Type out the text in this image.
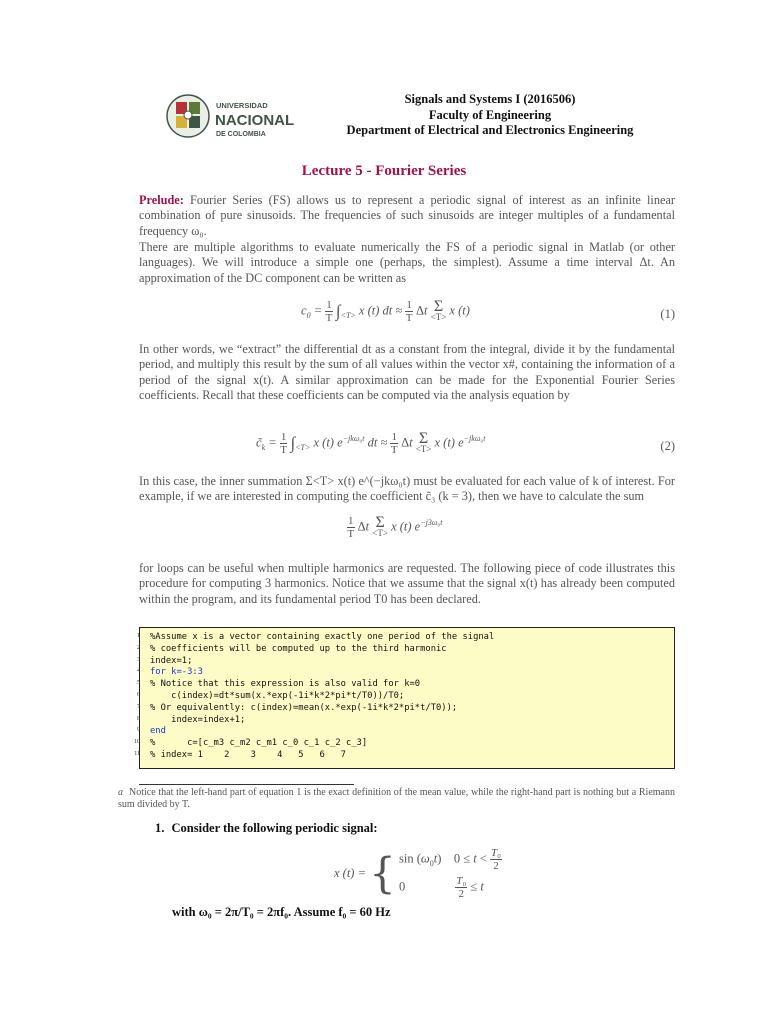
UNIVERSIDAD
NACIONAL
DE COLOMBIA
Signals and Systems I (2016506)
Faculty of Engineering
Department of Electrical and Electronics Engineering
Lecture 5 - Fourier Series
Prelude: Fourier Series (FS) allows us to represent a periodic signal of interest as an infinite linear combination of pure sinusoids. The frequencies of such sinusoids are integer multiples of a fundamental frequency ω₀.
There are multiple algorithms to evaluate numerically the FS of a periodic signal in Matlab (or other languages). We will introduce a simple one (perhaps, the simplest). Assume a time interval Δt. An approximation of the DC component can be written as
$c_0 = \frac{1}{T} \int_{<T>}$ x (t) dt ≈ $\frac{1}{T}$ Δt Σ
<T> x (t)	(1)
In other words, we “extract” the differential dt as a constant from the integral, divide it by the fundamental period, and multiply this result by the sum of all values within the vector x#, containing the information of a period of the signal x(t). A similar approximation can be made for the Exponential Fourier Series coefficients. Recall that these coefficients can be computed via the analysis equation by
$c̃_k = \frac{1}{T} \int_{<T>}$ x (t) $e^{-jk\omega_0t}$ dt ≈ $\frac{1}{T}$ Δt Σ
<T> x (t) $e^{-jk\omega_0t}$
(2)
In this case, the inner summation Σ<T> x(t) e^(−jkω₀t) must be evaluated for each value of k of interest. For example, if we are interested in computing the coefficient c̃₃ (k = 3), then we have to calculate the sum
$\frac{1}{T}$ Δt Σ
<T> x (t) $e^{-j3\omega_0t}$
for loops can be useful when multiple harmonics are requested. The following piece of code illustrates this procedure for computing 3 harmonics. Notice that we assume that the signal x(t) has already been computed within the program, and its fundamental period T0 has been declared.
1 %Assume x is a vector containing exactly one period of the signal
2 % coefficients will be computed up to the third harmonic
3 index=1;
4 for k=-3:3
5 % Notice that this expression is also valid for k=0
6 c(index)=dt*sum(x.*exp(-1i*k*2*pi*t/T0))/T0;
7 % Or equivalently: c(index)=mean(x.*exp(-1i*k*2*pi*t/T0));
8 index=index+1;
9 end
10 %      c=[c_m3 c_m2 c_m1 c_0 c_1 c_2 c_3]
11 % index= 1    2    3    4   5   6   7
a Notice that the left-hand part of equation 1 is the exact definition of the mean value, while the right-hand part is nothing but a Riemann sum divided by T.
1. Consider the following periodic signal:
x (t) = { $\sin (\omega_0t)$    $0 \le t < \frac{\text{T₀}}{2}$
$0 \frac{\text{T₀}}{2} \le t$
with ω₀ = 2π/T₀ = 2πf₀. Assume f₀ = 60 Hz
